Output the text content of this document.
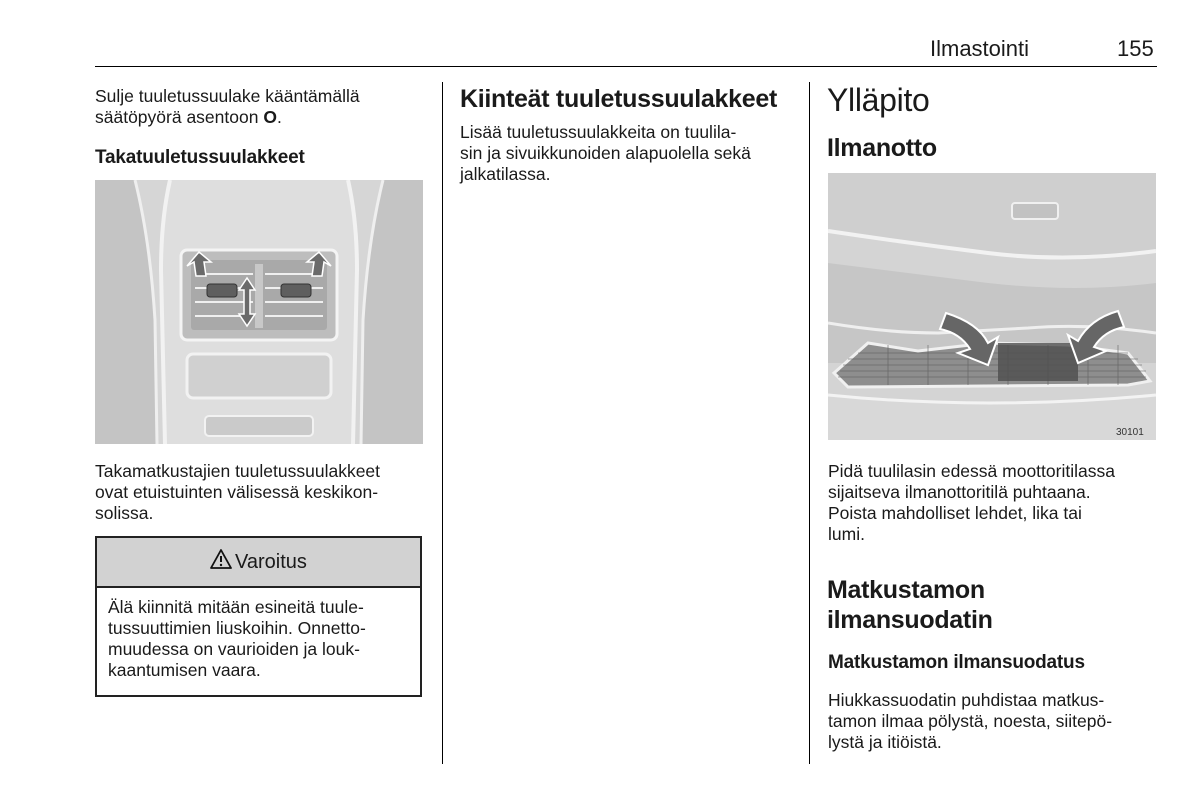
Ilmastointi	155
Sulje tuuletussuulake kääntämällä säätöpyörä asentoon O.
Takatuuletussuulakkeet
Takamatkustajien tuuletussuulakkeet
ovat etuistuinten välisessä keskikon-
solissa.
Varoitus
Älä kiinnitä mitään esineitä tuule-
tussuuttimien liuskoihin. Onnetto-
muudessa on vaurioiden ja louk-
kaantumisen vaara.
Kiinteät tuuletussuulakkeet
Lisää tuuletussuulakkeita on tuulila-
sin ja sivuikkunoiden alapuolella sekä
jalkatilassa.
Ylläpito
Ilmanotto
30101
Pidä tuulilasin edessä moottoritilassa
sijaitseva ilmanottoritilä puhtaana.
Poista mahdolliset lehdet, lika tai
lumi.
Matkustamon
ilmansuodatin
Matkustamon ilmansuodatus
Hiukkassuodatin puhdistaa matkus-
tamon ilmaa pölystä, noesta, siitepö-
lystä ja itiöistä.
